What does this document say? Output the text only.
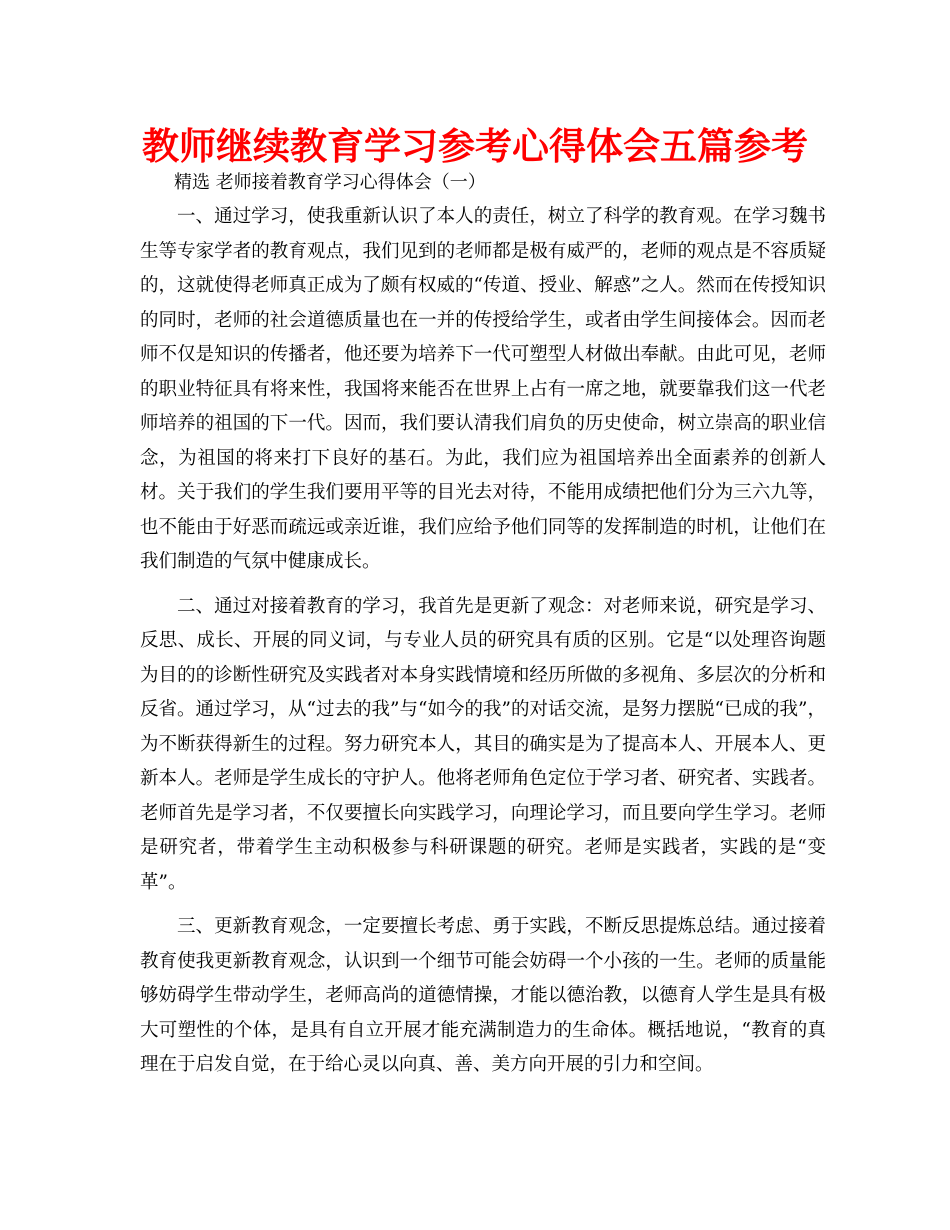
教师继续教育学习参考心得体会五篇参考
精选 老师接着教育学习心得体会（一）

一、通过学习，使我重新认识了本人的责任，树立了科学的教育观。在学习魏书生等专家学者的教育观点，我们见到的老师都是极有威严的，老师的观点是不容质疑的，这就使得老师真正成为了颇有权威的“传道、授业、解惑”之人。然而在传授知识的同时，老师的社会道德质量也在一并的传授给学生，或者由学生间接体会。因而老师不仅是知识的传播者，他还要为培养下一代可塑型人材做出奉献。由此可见，老师的职业特征具有将来性，我国将来能否在世界上占有一席之地，就要靠我们这一代老师培养的祖国的下一代。因而，我们要认清我们肩负的历史使命，树立崇高的职业信念，为祖国的将来打下良好的基石。为此，我们应为祖国培养出全面素养的创新人材。关于我们的学生我们要用平等的目光去对待，不能用成绩把他们分为三六九等，也不能由于好恶而疏远或亲近谁，我们应给予他们同等的发挥制造的时机，让他们在我们制造的气氛中健康成长。

二、通过对接着教育的学习，我首先是更新了观念：对老师来说，研究是学习、反思、成长、开展的同义词，与专业人员的研究具有质的区别。它是“以处理咨询题为目的的诊断性研究及实践者对本身实践情境和经历所做的多视角、多层次的分析和反省。通过学习，从“过去的我”与“如今的我”的对话交流，是努力摆脱“已成的我”，为不断获得新生的过程。努力研究本人，其目的确实是为了提高本人、开展本人、更新本人。老师是学生成长的守护人。他将老师角色定位于学习者、研究者、实践者。老师首先是学习者，不仅要擅长向实践学习，向理论学习，而且要向学生学习。老师是研究者，带着学生主动积极参与科研课题的研究。老师是实践者，实践的是“变革”。

三、更新教育观念，一定要擅长考虑、勇于实践，不断反思提炼总结。通过接着教育使我更新教育观念，认识到一个细节可能会妨碍一个小孩的一生。老师的质量能够妨碍学生带动学生，老师高尚的道德情操，才能以德治教，以德育人学生是具有极大可塑性的个体，是具有自立开展才能充满制造力的生命体。概括地说，“教育的真理在于启发自觉，在于给心灵以向真、善、美方向开展的引力和空间。
